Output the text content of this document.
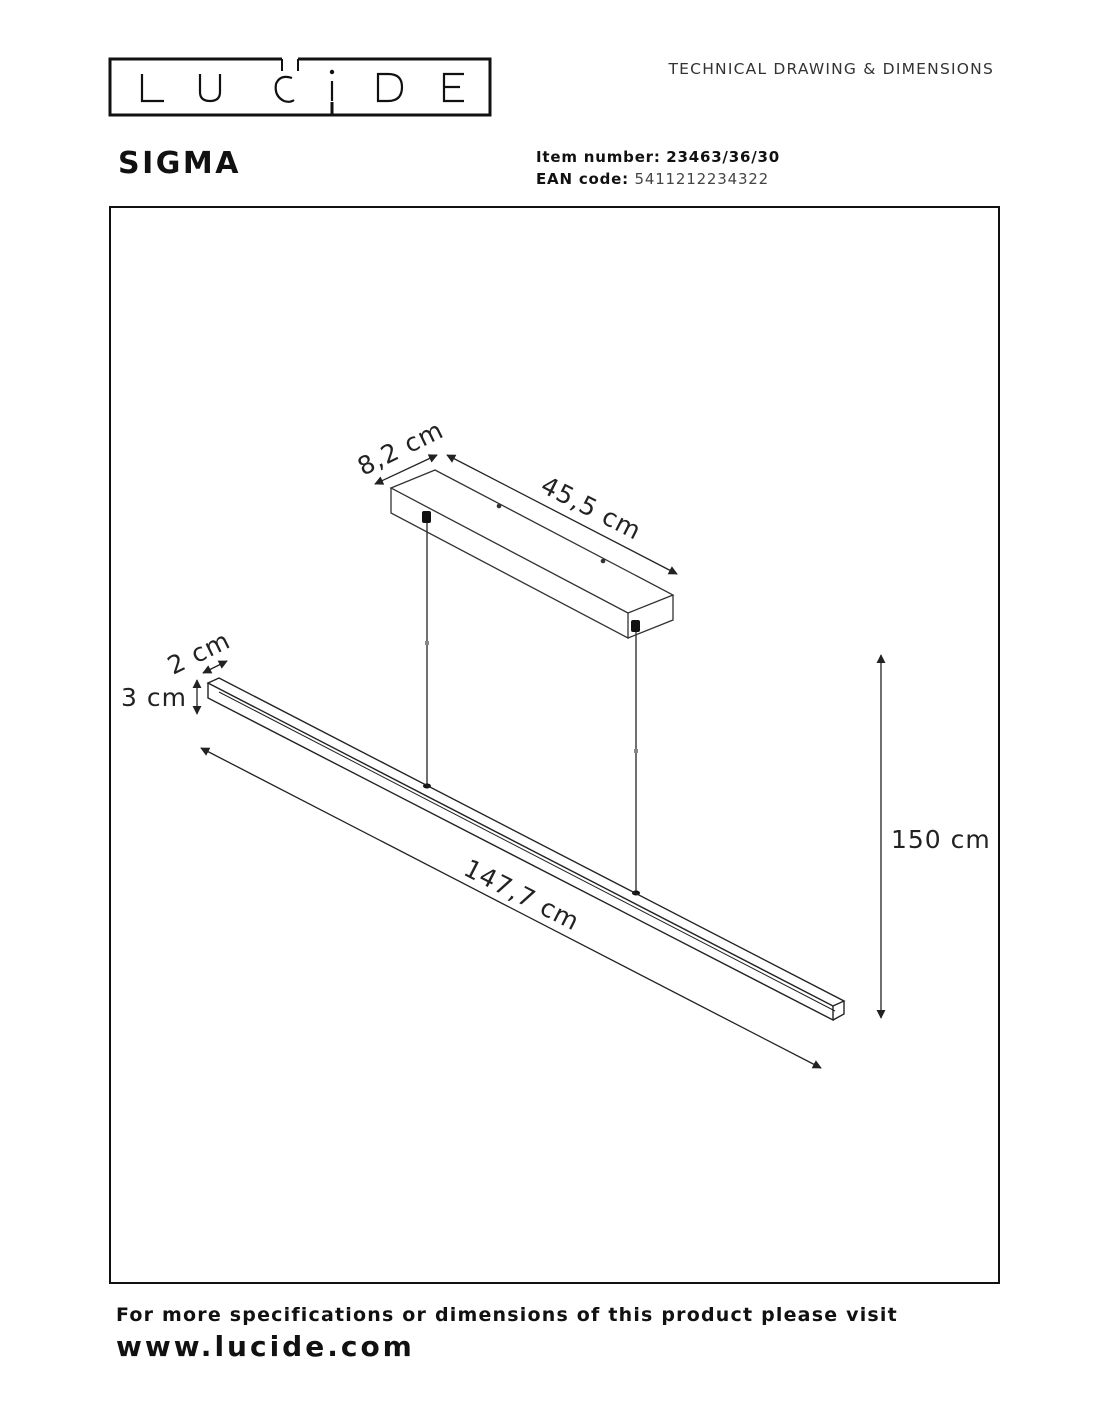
TECHNICAL DRAWING & DIMENSIONS
SIGMA	Item number: 23463/36/30
EAN code: 5411212234322
8,2 cm
45,5 cm
2 cm
3 cm
147,7 cm
150 cm
For more specifications or dimensions of this product please visit
www.lucide.com
